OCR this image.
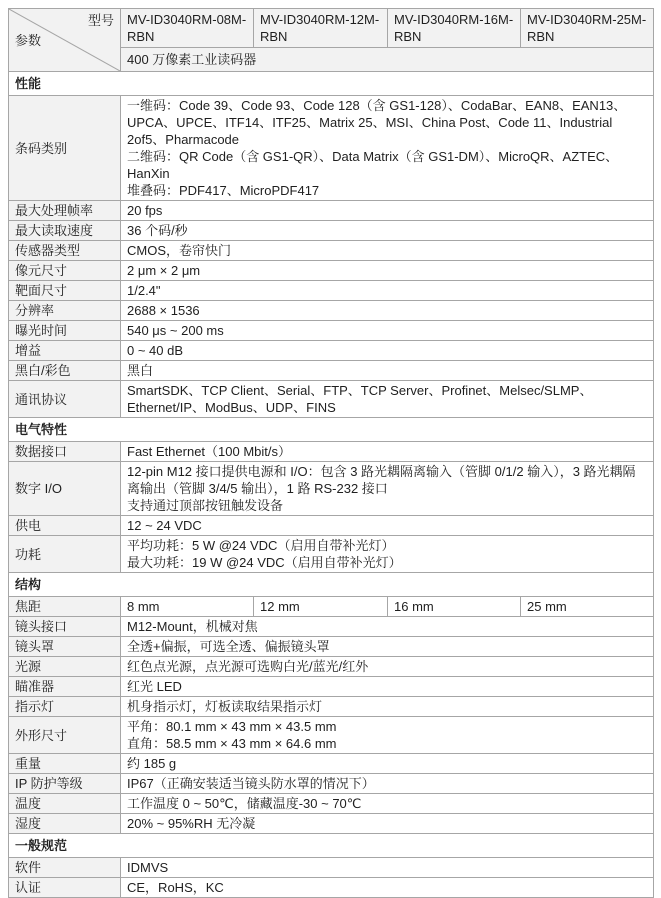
型号
参数	MV-ID3040RM-08M-RBN	MV-ID3040RM-12M-RBN	MV-ID3040RM-16M-RBN	MV-ID3040RM-25M-RBN
	400 万像素工业读码器			
性能				
条码类别	一维码：Code 39、Code 93、Code 128（含 GS1-128）、CodaBar、EAN8、EAN13、UPCA、UPCE、ITF14、ITF25、Matrix 25、MSI、China Post、Code 11、Industrial 2of5、Pharmacode
二维码：QR Code（含 GS1-QR）、Data Matrix（含 GS1-DM）、MicroQR、AZTEC、HanXin
堆叠码：PDF417、MicroPDF417			

最大处理帧率	20 fps			
最大读取速度	36 个码/秒			
传感器类型	CMOS，卷帘快门			
像元尺寸	2 μm × 2 μm			
靶面尺寸	1/2.4"			
分辨率	2688 × 1536			
曝光时间	540 μs ~ 200 ms			
增益	0 ~ 40 dB			
黑白/彩色	黑白			
通讯协议	SmartSDK、TCP Client、Serial、FTP、TCP Server、Profinet、Melsec/SLMP、Ethernet/IP、ModBus、UDP、FINS			
电气特性				
数据接口	Fast Ethernet（100 Mbit/s）			
数字 I/O	12-pin M12 接口提供电源和 I/O：包含 3 路光耦隔离输入（管脚 0/1/2 输入），3 路光耦隔离输出（管脚 3/4/5 输出），1 路 RS-232 接口
支持通过顶部按钮触发设备			

供电	12 ~ 24 VDC			
功耗	平均功耗：5 W @24 VDC（启用自带补光灯）
最大功耗：19 W @24 VDC（启用自带补光灯）			

结构				
焦距	8 mm	12 mm	16 mm	25 mm
镜头接口	M12-Mount，机械对焦			
镜头罩	全透+偏振，可选全透、偏振镜头罩			
光源	红色点光源，点光源可选购白光/蓝光/红外			
瞄准器	红光 LED			
指示灯	机身指示灯，灯板读取结果指示灯			
外形尺寸	平角：80.1 mm × 43 mm × 43.5 mm
直角：58.5 mm × 43 mm × 64.6 mm			

重量	约 185 g			
IP 防护等级	IP67（正确安装适当镜头防水罩的情况下）			
温度	工作温度 0 ~ 50℃，储藏温度-30 ~ 70℃			
湿度	20% ~ 95%RH 无冷凝			
一般规范				
软件	IDMVS			
认证	CE，RoHS，KC			
